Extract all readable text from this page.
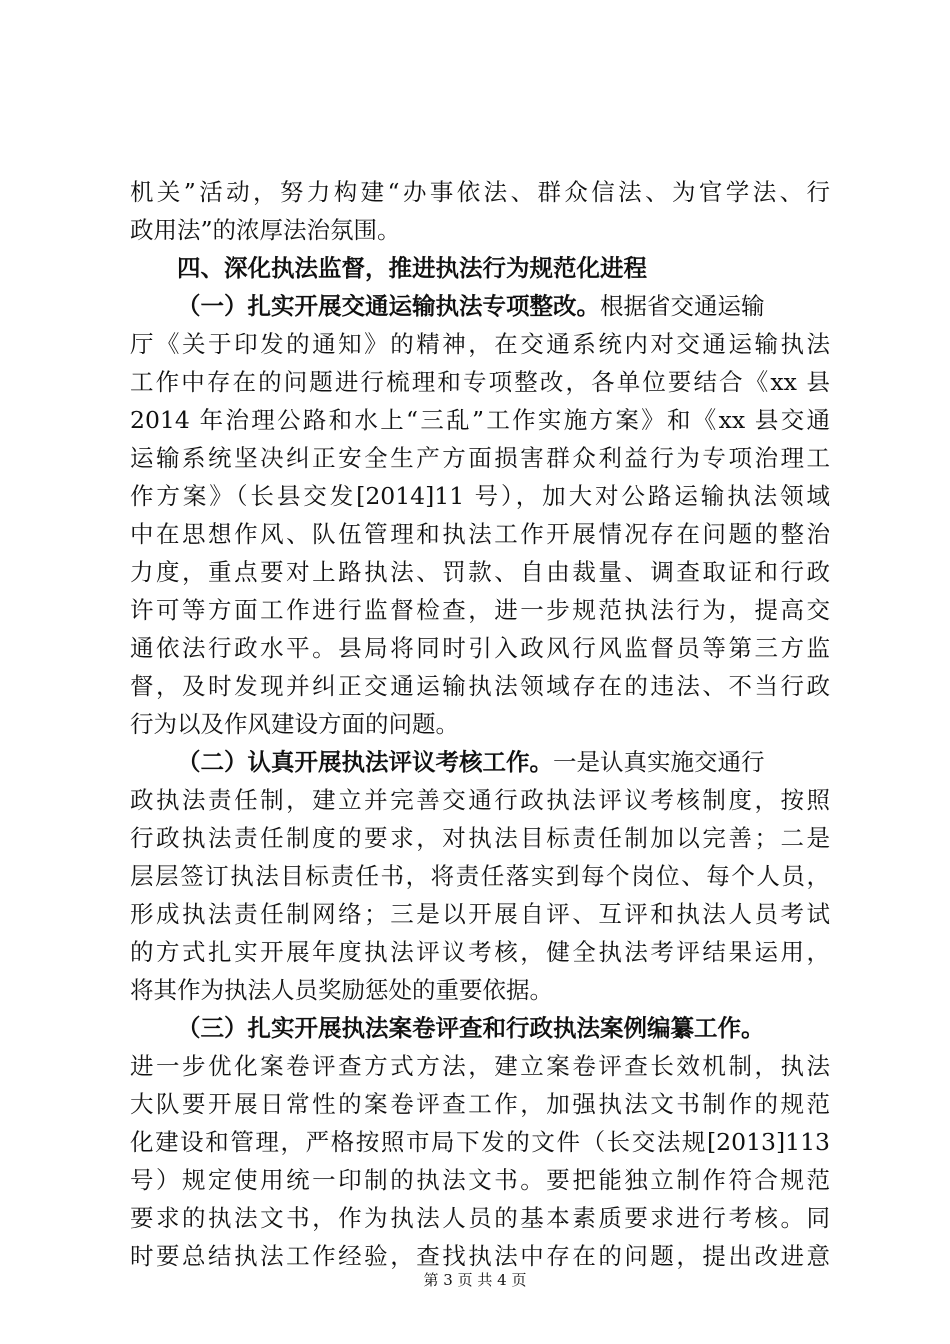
机关”活动，努力构建“办事依法、群众信法、为官学法、行
政用法”的浓厚法治氛围。
四、深化执法监督，推进执法行为规范化进程
（一）扎实开展交通运输执法专项整改。根据省交通运输
厅《关于印发的通知》的精神，在交通系统内对交通运输执法
工作中存在的问题进行梳理和专项整改，各单位要结合《xx 县
2014 年治理公路和水上“三乱”工作实施方案》和《xx 县交通
运输系统坚决纠正安全生产方面损害群众利益行为专项治理工
作方案》（长县交发[2014]11 号），加大对公路运输执法领域
中在思想作风、队伍管理和执法工作开展情况存在问题的整治
力度，重点要对上路执法、罚款、自由裁量、调查取证和行政
许可等方面工作进行监督检查，进一步规范执法行为，提高交
通依法行政水平。县局将同时引入政风行风监督员等第三方监
督，及时发现并纠正交通运输执法领域存在的违法、不当行政
行为以及作风建设方面的问题。
（二）认真开展执法评议考核工作。一是认真实施交通行
政执法责任制，建立并完善交通行政执法评议考核制度，按照
行政执法责任制度的要求，对执法目标责任制加以完善；二是
层层签订执法目标责任书，将责任落实到每个岗位、每个人员，
形成执法责任制网络；三是以开展自评、互评和执法人员考试
的方式扎实开展年度执法评议考核，健全执法考评结果运用，
将其作为执法人员奖励惩处的重要依据。
（三）扎实开展执法案卷评查和行政执法案例编纂工作。
进一步优化案卷评查方式方法，建立案卷评查长效机制，执法
大队要开展日常性的案卷评查工作，加强执法文书制作的规范
化建设和管理，严格按照市局下发的文件（长交法规[2013]113
号）规定使用统一印制的执法文书。要把能独立制作符合规范
要求的执法文书，作为执法人员的基本素质要求进行考核。同
时要总结执法工作经验，查找执法中存在的问题，提出改进意
第 3 页 共 4 页
